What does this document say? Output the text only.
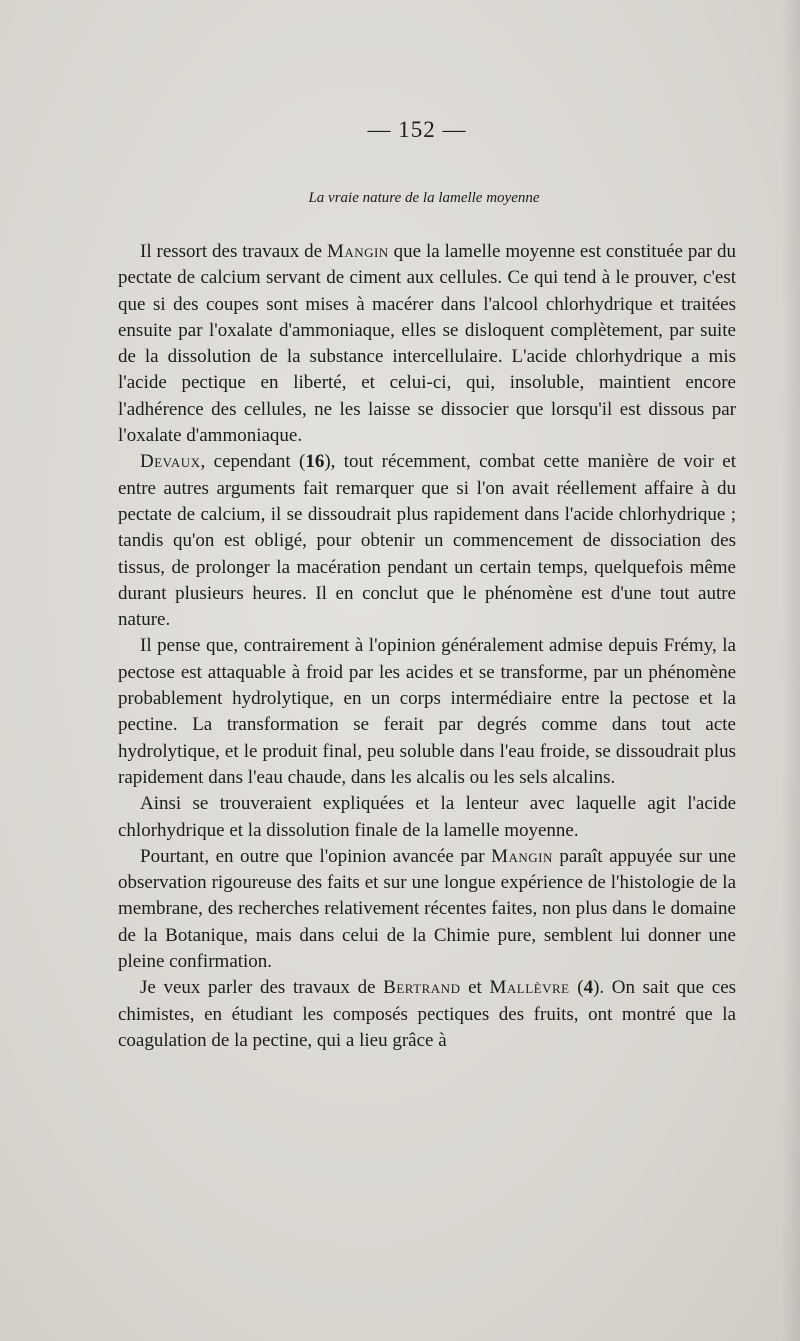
— 152 —
La vraie nature de la lamelle moyenne

Il ressort des travaux de Mangin que la lamelle moyenne est constituée par du pectate de calcium servant de ciment aux cellules. Ce qui tend à le prouver, c'est que si des coupes sont mises à macérer dans l'alcool chlorhydrique et traitées ensuite par l'oxalate d'ammoniaque, elles se disloquent complètement, par suite de la dissolution de la substance intercellulaire. L'acide chlorhydrique a mis l'acide pectique en liberté, et celui-ci, qui, insoluble, maintient encore l'adhérence des cellules, ne les laisse se dissocier que lorsqu'il est dissous par l'oxalate d'ammoniaque.

Devaux, cependant (16), tout récemment, combat cette manière de voir et entre autres arguments fait remarquer que si l'on avait réellement affaire à du pectate de calcium, il se dissoudrait plus rapidement dans l'acide chlorhydrique ; tandis qu'on est obligé, pour obtenir un commencement de dissociation des tissus, de prolonger la macération pendant un certain temps, quelquefois même durant plusieurs heures. Il en conclut que le phénomène est d'une tout autre nature.

Il pense que, contrairement à l'opinion généralement admise depuis Frémy, la pectose est attaquable à froid par les acides et se transforme, par un phénomène probablement hydrolytique, en un corps intermédiaire entre la pectose et la pectine. La transformation se ferait par degrés comme dans tout acte hydrolytique, et le produit final, peu soluble dans l'eau froide, se dissoudrait plus rapidement dans l'eau chaude, dans les alcalis ou les sels alcalins.

Ainsi se trouveraient expliquées et la lenteur avec laquelle agit l'acide chlorhydrique et la dissolution finale de la lamelle moyenne.

Pourtant, en outre que l'opinion avancée par Mangin paraît appuyée sur une observation rigoureuse des faits et sur une longue expérience de l'histologie de la membrane, des recherches relativement récentes faites, non plus dans le domaine de la Botanique, mais dans celui de la Chimie pure, semblent lui donner une pleine confirmation.

Je veux parler des travaux de Bertrand et Mallèvre (4). On sait que ces chimistes, en étudiant les composés pectiques des fruits, ont montré que la coagulation de la pectine, qui a lieu grâce à
